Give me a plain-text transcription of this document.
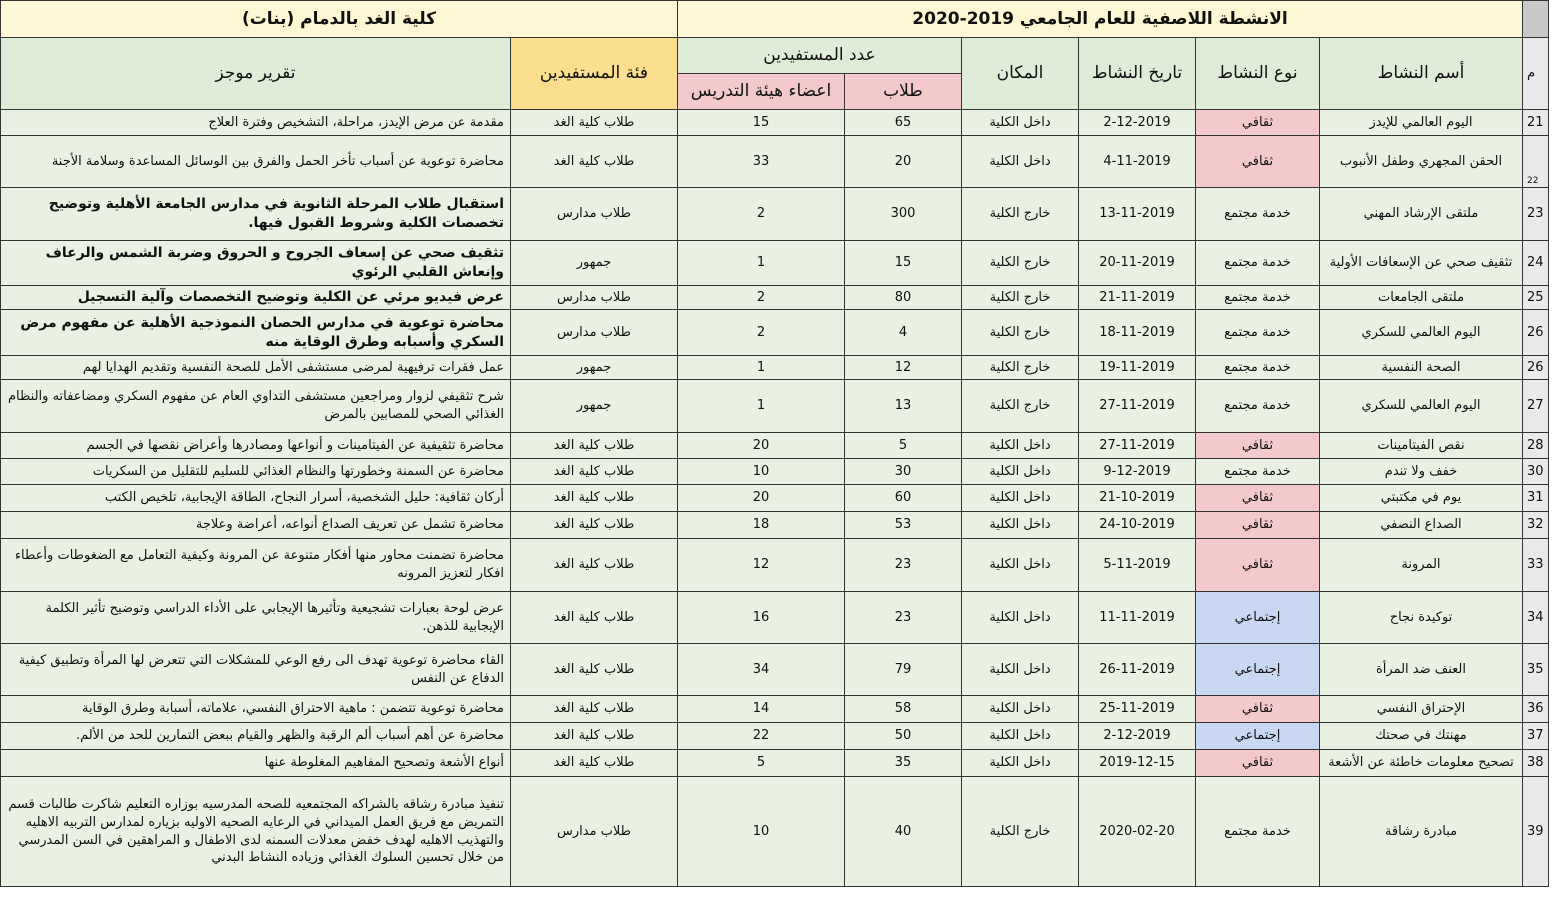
	الانشطة اللاصفية للعام الجامعي 2019-2020						كلية الغد بالدمام (بنات)	
م	أسم النشاط	نوع النشاط	تاريخ النشاط	المكان	عدد المستفيدين		فئة المستفيدين	تقرير موجز
					طلاب	اعضاء هيئة التدريس		
21	اليوم العالمي للإيدز	ثقافي	2-12-2019	داخل الكلية	65	15	طلاب كلية الغد	مقدمة عن مرض الإيدز، مراحلة، التشخيص وفترة العلاج
22	الحقن المجهري وطفل الأنبوب	ثقافي	4-11-2019	داخل الكلية	20	33	طلاب كلية الغد	محاضرة توعوية عن أسباب تأخر الحمل والفرق بين الوسائل المساعدة وسلامة الأجنة
23	ملتقى الإرشاد المهني	خدمة مجتمع	13-11-2019	خارج الكلية	300	2	طلاب مدارس	استقبال طلاب المرحلة الثانوية في مدارس الجامعة الأهلية وتوضيح تخصصات الكلية وشروط القبول فيها.
24	تثقيف صحي عن الإسعافات الأولية	خدمة مجتمع	20-11-2019	خارج الكلية	15	1	جمهور	تثقيف صحي عن إسعاف الجروح و الحروق وضربة الشمس والرعاف وإنعاش القلبي الرئوي
25	ملتقى الجامعات	خدمة مجتمع	21-11-2019	خارج الكلية	80	2	طلاب مدارس	عرض فيديو مرئي عن الكلية وتوضيح التخصصات وآلية التسجيل
26	اليوم العالمي للسكري	خدمة مجتمع	18-11-2019	خارج الكلية	4	2	طلاب مدارس	محاضرة توعوية في مدارس الحصان النموذجية الأهلية عن مفهوم مرض السكري وأسبابه وطرق الوقاية منه
26	الصحة النفسية	خدمة مجتمع	19-11-2019	خارج الكلية	12	1	جمهور	عمل فقرات ترفيهية لمرضى مستشفى الأمل للصحة النفسية وتقديم الهدايا لهم
27	اليوم العالمي للسكري	خدمة مجتمع	27-11-2019	خارج الكلية	13	1	جمهور	شرح تثقيفي لزوار ومراجعين مستشفى التداوي العام عن مفهوم السكري ومضاعفاته والنظام الغذائي الصحي للمصابين بالمرض
28	نقص الفيتامينات	ثقافي	27-11-2019	داخل الكلية	5	20	طلاب كلية الغد	محاضرة تثقيفية عن الفيتامينات و أنواعها ومصادرها وأعراض نقصها في الجسم
30	خفف ولا تندم	خدمة مجتمع	9-12-2019	داخل الكلية	30	10	طلاب كلية الغد	محاضرة عن السمنة وخطورتها والنظام الغذائي للسليم للتقليل من السكريات
31	يوم في مكتبتي	ثقافي	21-10-2019	داخل الكلية	60	20	طلاب كلية الغد	أركان ثقافية: حليل الشخصية، أسرار النجاح، الطاقة الإيجابية، تلخيص الكتب
32	الصداع النصفي	ثقافي	24-10-2019	داخل الكلية	53	18	طلاب كلية الغد	محاضرة تشمل عن تعريف الصداع أنواعه، أعراضة وعلاجة
33	المرونة	ثقافي	5-11-2019	داخل الكلية	23	12	طلاب كلية الغد	محاضرة تضمنت محاور منها أفكار متنوعة عن المرونة وكيفية التعامل مع الضغوطات وأعطاء افكار لتعزيز المرونه
34	توكيدة نجاح	إجتماعي	11-11-2019	داخل الكلية	23	16	طلاب كلية الغد	عرض لوحة بعبارات تشجيعية وتأثيرها الإيجابي على الأداء الدراسي وتوضيح تأثير الكلمة الإيجابية للذهن.
35	العنف ضد المرأة	إجتماعي	26-11-2019	داخل الكلية	79	34	طلاب كلية الغد	القاء محاضرة توعوية تهدف الى رفع الوعي للمشكلات التي تتعرض لها المرأة وتطبيق كيفية الدفاع عن النفس
36	الإحتراق النفسي	ثقافي	25-11-2019	داخل الكلية	58	14	طلاب كلية الغد	محاضرة توعوية تتضمن : ماهية الاحتراق النفسي، علاماته، أسبابة وطرق الوقاية
37	مهنتك في صحتك	إجتماعي	2-12-2019	داخل الكلية	50	22	طلاب كلية الغد	محاضرة عن أهم أسباب ألم الرقبة والظهر والقيام ببعض التمارين للحد من الألم.
38	تصحيح معلومات خاطئة عن الأشعة	ثقافي	2019-12-15	داخل الكلية	35	5	طلاب كلية الغد	أنواع الأشعة وتصحيح المفاهيم المغلوطة عنها
39	مبادرة رشاقة	خدمة مجتمع	2020-02-20	خارج الكلية	40	10	طلاب مدارس	تنفيذ مبادرة رشاقه بالشراكه المجتمعيه للصحه المدرسيه بوزاره التعليم شاكرت طالبات قسم التمريض مع فريق العمل الميداني في الرعايه الصحيه الاوليه بزياره لمدارس التربيه الاهليه والتهذيب الاهليه لهدف خفض معدلات السمنه لدى الاطفال و المراهقين في السن المدرسي من خلال تحسين السلوك الغذائي وزياده النشاط البدني
